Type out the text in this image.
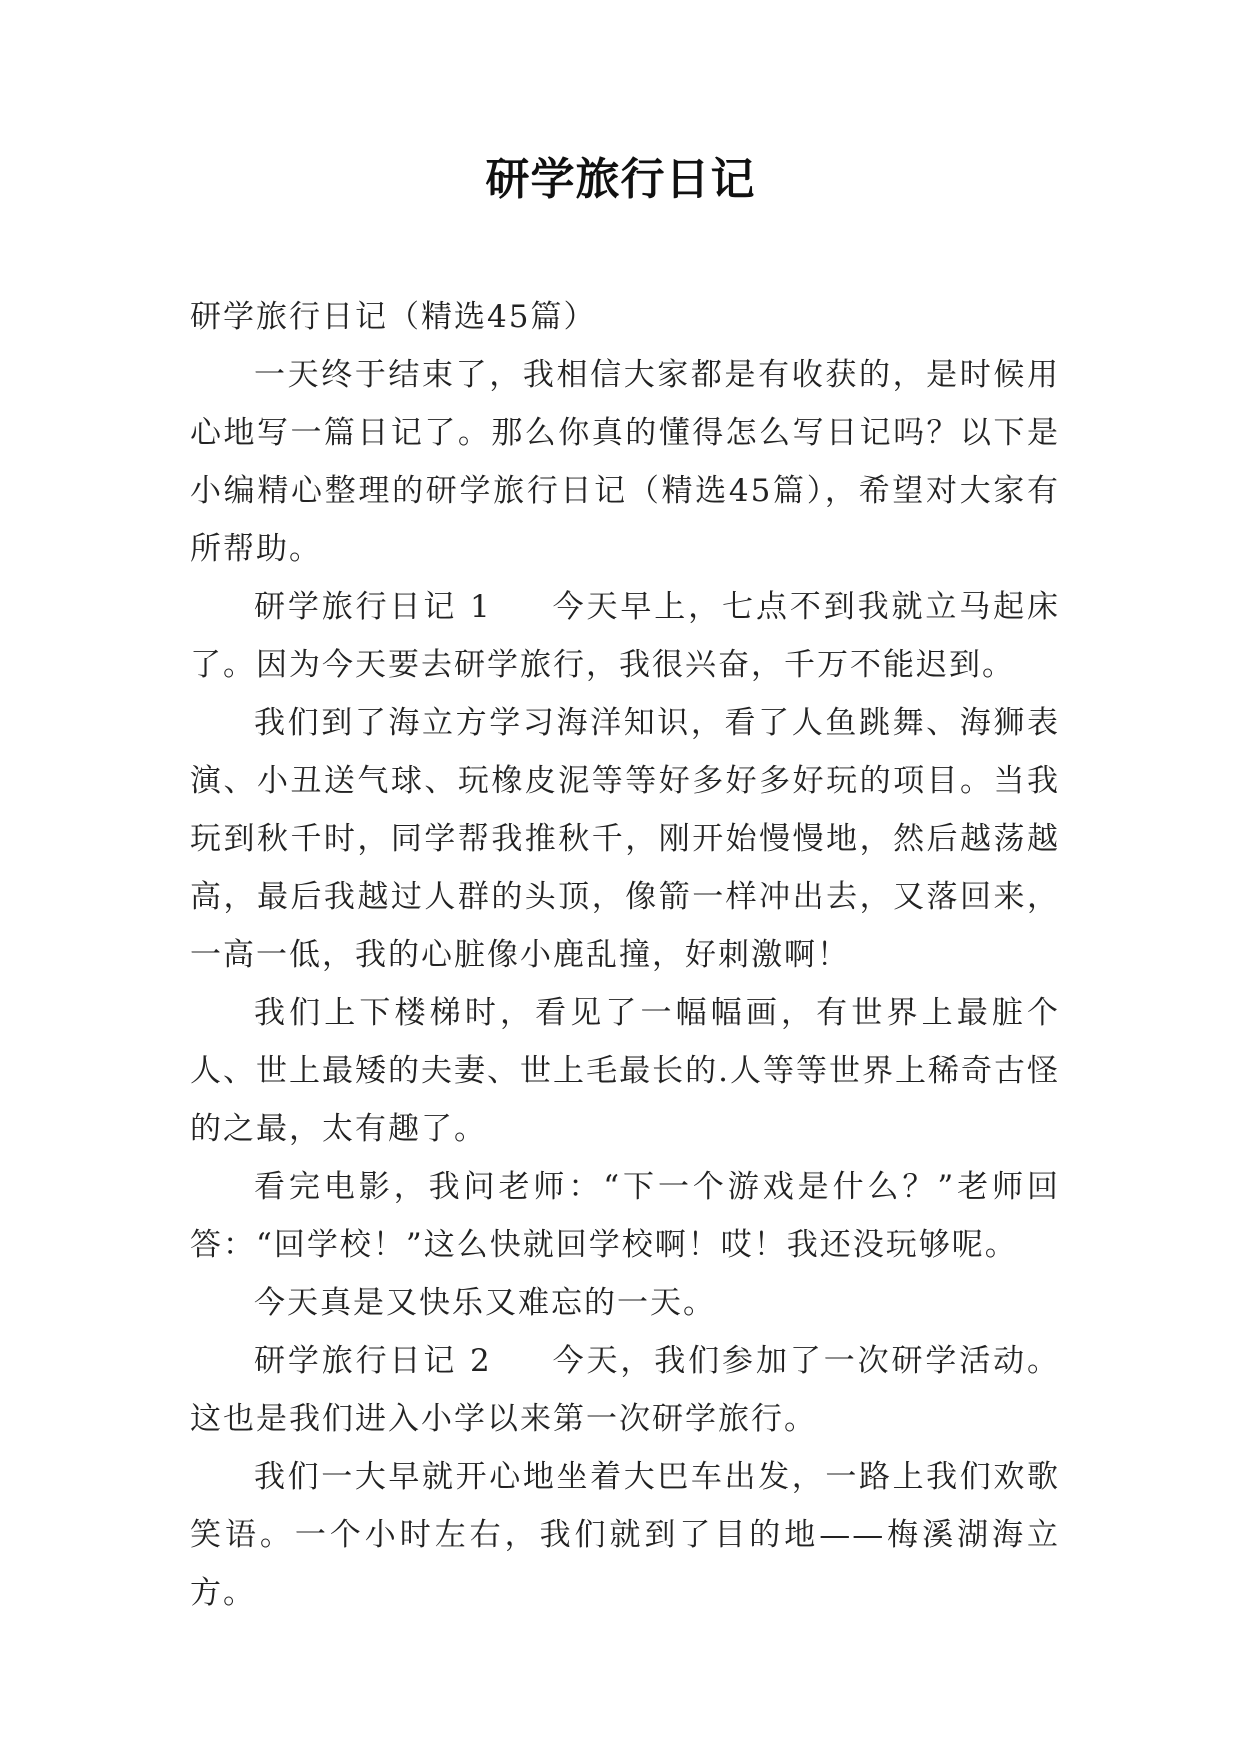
研学旅行日记

研学旅行日记（精选45篇）

一天终于结束了，我相信大家都是有收获的，是时候用心地写一篇日记了。那么你真的懂得怎么写日记吗？以下是小编精心整理的研学旅行日记（精选45篇），希望对大家有所帮助。

研学旅行日记 1 今天早上，七点不到我就立马起床了。因为今天要去研学旅行，我很兴奋，千万不能迟到。

我们到了海立方学习海洋知识，看了人鱼跳舞、海狮表演、小丑送气球、玩橡皮泥等等好多好多好玩的项目。当我玩到秋千时，同学帮我推秋千，刚开始慢慢地，然后越荡越高，最后我越过人群的头顶，像箭一样冲出去，又落回来，一高一低，我的心脏像小鹿乱撞，好刺激啊！

我们上下楼梯时，看见了一幅幅画，有世界上最脏个人、世上最矮的夫妻、世上毛最长的.人等等世界上稀奇古怪的之最，太有趣了。

看完电影，我问老师：“下一个游戏是什么？”老师回答：“回学校！”这么快就回学校啊！哎！我还没玩够呢。

今天真是又快乐又难忘的一天。

研学旅行日记 2 今天，我们参加了一次研学活动。这也是我们进入小学以来第一次研学旅行。

我们一大早就开心地坐着大巴车出发，一路上我们欢歌笑语。一个小时左右，我们就到了目的地——梅溪湖海立方。
